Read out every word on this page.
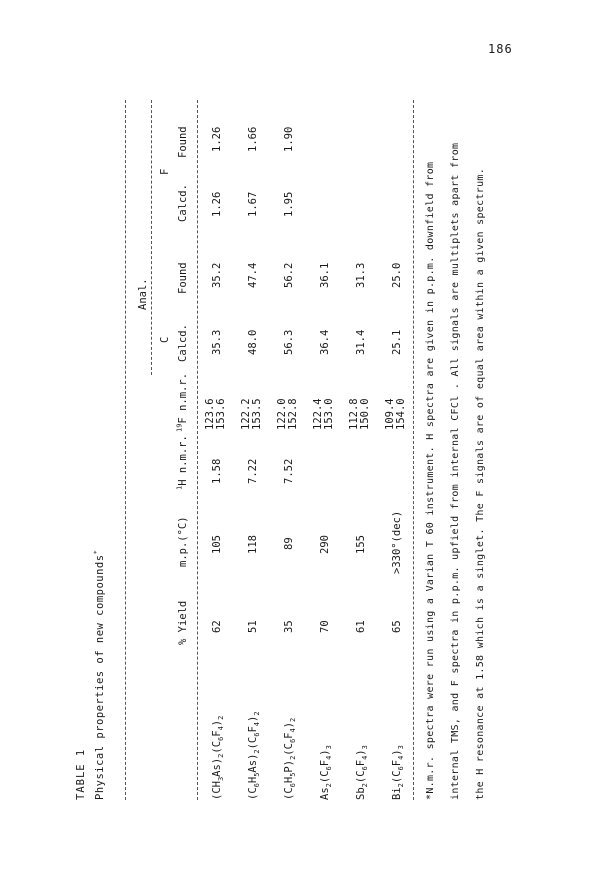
186
TABLE 1 Physical properties of new compounds*
Anal.
C
F
% Yield
m.p.(°C)
$^1$H n.m.r.
$^{19}$F n.m.r.
Calcd.
Found
Calcd.
Found
$(CH_3As)_2(C_6F_4)_2$
62
105
1.58
123.6 153.6
35.3
35.2
1.26
1.26
$(C_6H_5As)_2(C_6F_4)_2$
51
118
7.22
122.2 153.5
48.0
47.4
1.67
1.66
$(C_6H_5P)_2(C_6F_4)_2$
35
89
7.52
122.0 152.8
56.3
56.2
1.95
1.90
$As_2(C_6F_4)_3$
70
290
122.4 153.0
36.4
36.1
$Sb_2(C_6F_4)_3$
61
155
112.8 150.0
31.4
31.3
$Bi_2(C_6F_4)_3$
65
>330°(dec)
109.4 154.0
25.1
25.0 *N.m.r. spectra were run using a Varian T 60 instrument. H spectra are given in p.p.m. downfield from internal TMS, and F spectra in p.p.m. upfield from internal CFCl . All signals are multiplets apart from the H resonance at 1.58 which is a singlet. The F signals are of equal area within a given spectrum.
